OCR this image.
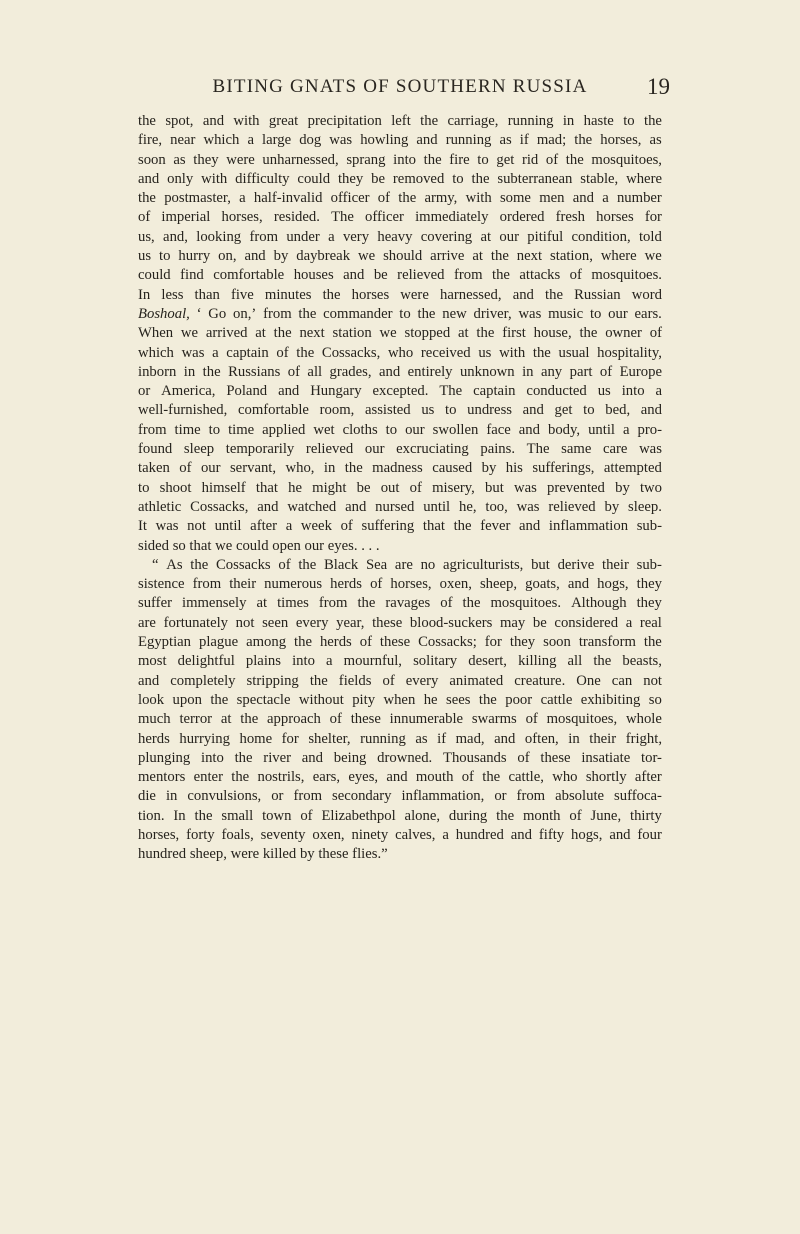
BITING GNATS OF SOUTHERN RUSSIA	19
the spot, and with great precipitation left the carriage, running in haste to the
fire, near which a large dog was howling and running as if mad; the horses, as
soon as they were unharnessed, sprang into the fire to get rid of the mosquitoes,
and only with difficulty could they be removed to the subterranean stable, where
the postmaster, a half-invalid officer of the army, with some men and a number
of imperial horses, resided. The officer immediately ordered fresh horses for
us, and, looking from under a very heavy covering at our pitiful condition, told
us to hurry on, and by daybreak we should arrive at the next station, where we
could find comfortable houses and be relieved from the attacks of mosquitoes.
In less than five minutes the horses were harnessed, and the Russian word
Boshoal, ‘ Go on,’ from the commander to the new driver, was music to our ears.
When we arrived at the next station we stopped at the first house, the owner of
which was a captain of the Cossacks, who received us with the usual hospitality,
inborn in the Russians of all grades, and entirely unknown in any part of Europe
or America, Poland and Hungary excepted. The captain conducted us into a
well-furnished, comfortable room, assisted us to undress and get to bed, and
from time to time applied wet cloths to our swollen face and body, until a pro-
found sleep temporarily relieved our excruciating pains. The same care was
taken of our servant, who, in the madness caused by his sufferings, attempted
to shoot himself that he might be out of misery, but was prevented by two
athletic Cossacks, and watched and nursed until he, too, was relieved by sleep.
It was not until after a week of suffering that the fever and inflammation sub-
sided so that we could open our eyes. . . .
“ As the Cossacks of the Black Sea are no agriculturists, but derive their sub-
sistence from their numerous herds of horses, oxen, sheep, goats, and hogs, they
suffer immensely at times from the ravages of the mosquitoes. Although they
are fortunately not seen every year, these blood-suckers may be considered a real
Egyptian plague among the herds of these Cossacks; for they soon transform the
most delightful plains into a mournful, solitary desert, killing all the beasts,
and completely stripping the fields of every animated creature. One can not
look upon the spectacle without pity when he sees the poor cattle exhibiting so
much terror at the approach of these innumerable swarms of mosquitoes, whole
herds hurrying home for shelter, running as if mad, and often, in their fright,
plunging into the river and being drowned. Thousands of these insatiate tor-
mentors enter the nostrils, ears, eyes, and mouth of the cattle, who shortly after
die in convulsions, or from secondary inflammation, or from absolute suffoca-
tion. In the small town of Elizabethpol alone, during the month of June, thirty
horses, forty foals, seventy oxen, ninety calves, a hundred and fifty hogs, and four
hundred sheep, were killed by these flies.”
